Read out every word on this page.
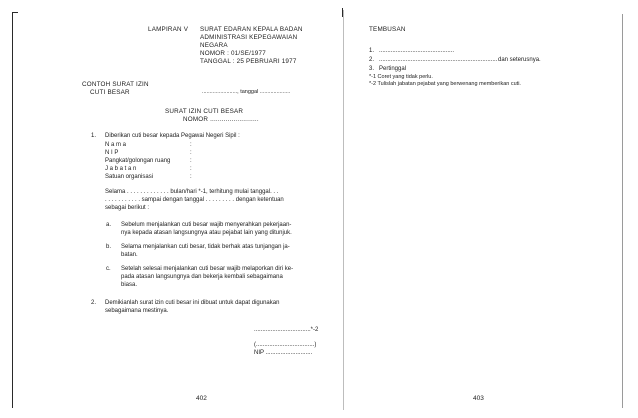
LAMPIRAN V SURAT EDARAN KEPALA BADAN
ADMINISTRASI KEPEGAWAIAN
NEGARA
NOMOR : 01/SE/1977
TANGGAL : 25 PEBRUARI 1977
CONTOH SURAT IZIN
CUTI BESAR	......................., tanggal ....................
SURAT IZIN CUTI BESAR
NOMOR .........................
1. Diberikan cuti besar kepada Pegawai Negeri Sipil :
N a m a	:
N I P	:
Pangkat/golongan ruang	:
J a b a t a n	:
Satuan organisasi	:
Selama . . . . . . . . . . . . . bulan/hari *-1, terhitung mulai tanggal. . .
. . . . . . . . . . . sampai dengan tanggal . . . . . . . . . dengan ketentuan
sebagai berikut :
a. Sebelum menjalankan cuti besar wajib menyerahkan pekerjaan-
nya kepada atasan langsungnya atau pejabat lain yang ditunjuk.
b. Selama menjalankan cuti besar, tidak berhak atas tunjangan ja-
batan.
c. Setelah selesai menjalankan cuti besar wajib melaporkan diri ke-
pada atasan langsungnya dan bekerja kembali sebagaimana
biasa.
2. Demikianlah surat izin cuti besar ini dibuat untuk dapat digunakan
sebagaimana mestinya.
..................................*-2
(...................................)
NIP ............................
402
TEMBUSAN
1. .............................................
2. ....................................................................... dan seterusnya.
3. Pertinggal
*-1 Coret yang tidak perlu.
*-2 Tulislah jabatan pejabat yang berwenang memberikan cuti.
403
